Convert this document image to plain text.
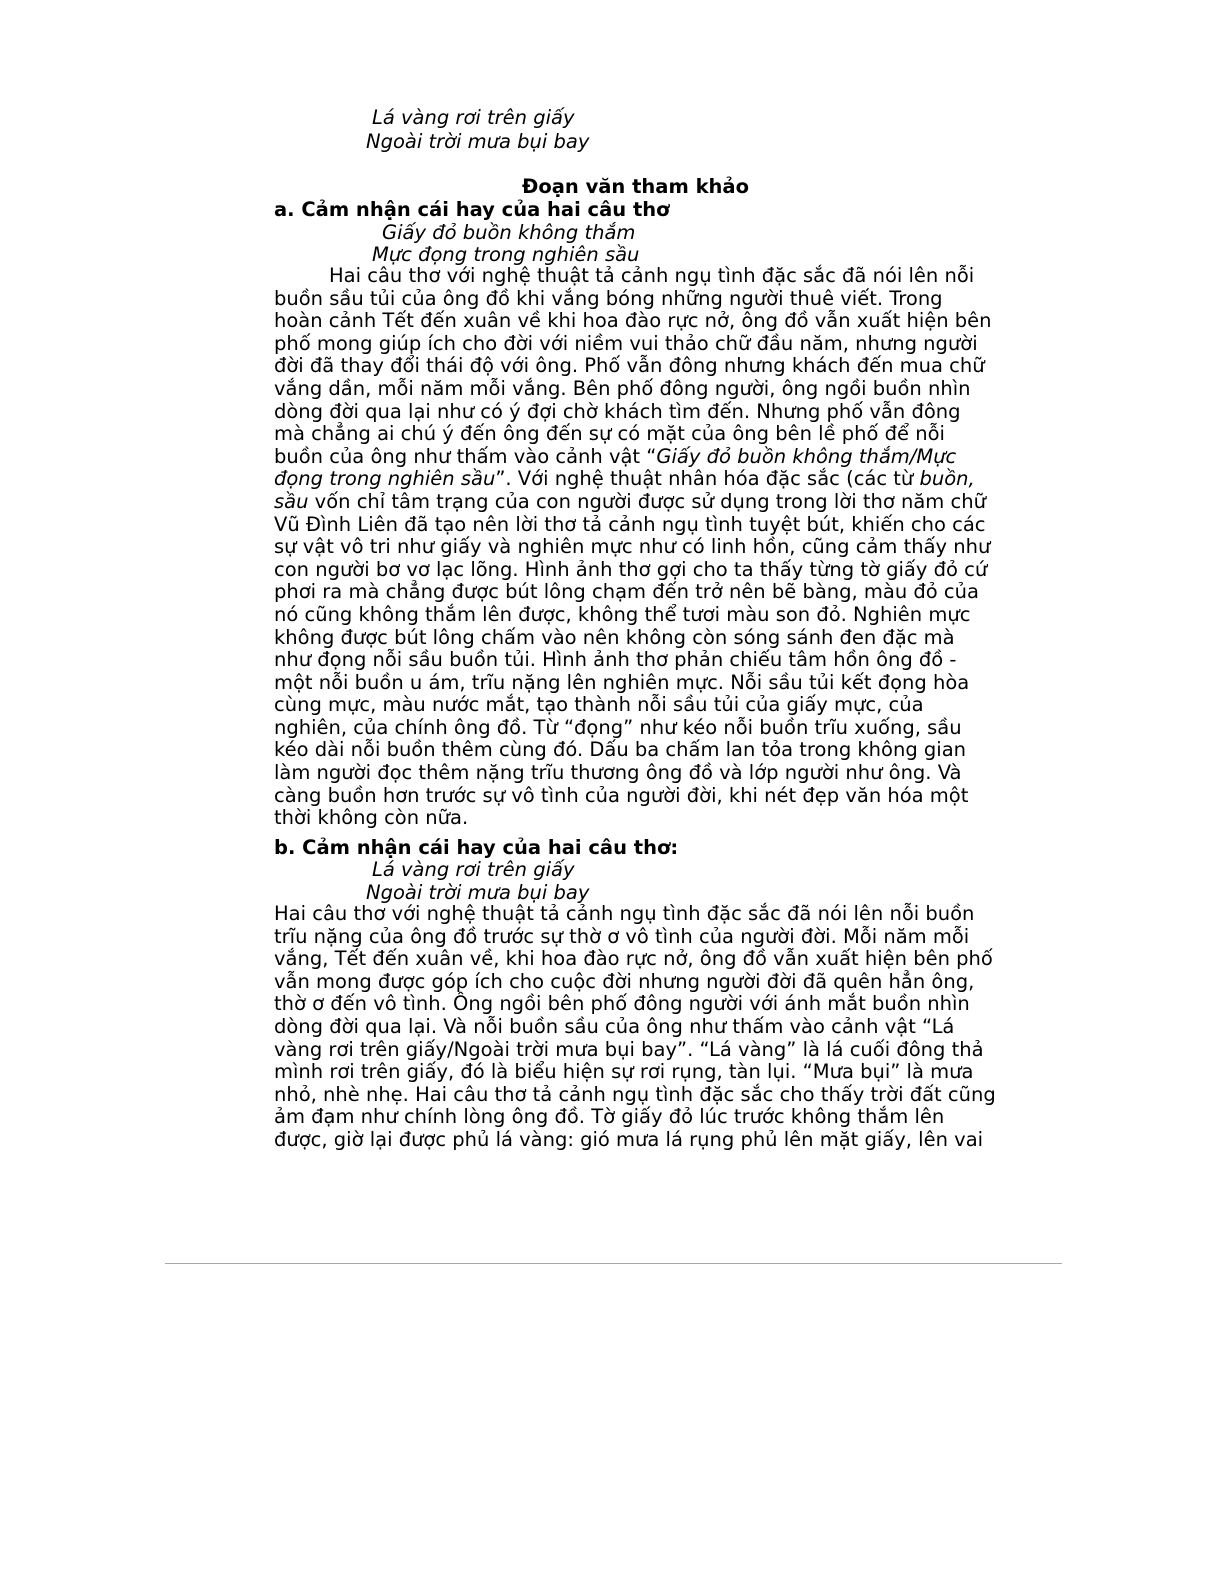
Lá vàng rơi trên giấy
Ngoài trời mưa bụi bay
Đoạn văn tham khảo
a. Cảm nhận cái hay của hai câu thơ
Giấy đỏ buồn không thắm
Mực đọng trong nghiên sầu
Hai câu thơ với nghệ thuật tả cảnh ngụ tình đặc sắc đã nói lên nỗi
buồn sầu tủi của ông đồ khi vắng bóng những người thuê viết. Trong
hoàn cảnh Tết đến xuân về khi hoa đào rực nở, ông đồ vẫn xuất hiện bên
phố mong giúp ích cho đời với niềm vui thảo chữ đầu năm, nhưng người
đời đã thay đổi thái độ với ông. Phố vẫn đông nhưng khách đến mua chữ
vắng dần, mỗi năm mỗi vắng. Bên phố đông người, ông ngồi buồn nhìn
dòng đời qua lại như có ý đợi chờ khách tìm đến. Nhưng phố vẫn đông
mà chẳng ai chú ý đến ông đến sự có mặt của ông bên lề phố để nỗi
buồn của ông như thấm vào cảnh vật “Giấy đỏ buồn không thắm/Mực
đọng trong nghiên sầu”. Với nghệ thuật nhân hóa đặc sắc (các từ buồn,
sầu vốn chỉ tâm trạng của con người được sử dụng trong lời thơ năm chữ
Vũ Đình Liên đã tạo nên lời thơ tả cảnh ngụ tình tuyệt bút, khiến cho các
sự vật vô tri như giấy và nghiên mực như có linh hồn, cũng cảm thấy như
con người bơ vơ lạc lõng. Hình ảnh thơ gợi cho ta thấy từng tờ giấy đỏ cứ
phơi ra mà chẳng được bút lông chạm đến trở nên bẽ bàng, màu đỏ của
nó cũng không thắm lên được, không thể tươi màu son đỏ. Nghiên mực
không được bút lông chấm vào nên không còn sóng sánh đen đặc mà
như đọng nỗi sầu buồn tủi. Hình ảnh thơ phản chiếu tâm hồn ông đồ -
một nỗi buồn u ám, trĩu nặng lên nghiên mực. Nỗi sầu tủi kết đọng hòa
cùng mực, màu nước mắt, tạo thành nỗi sầu tủi của giấy mực, của
nghiên, của chính ông đồ. Từ “đọng” như kéo nỗi buồn trĩu xuống, sầu
kéo dài nỗi buồn thêm cùng đó. Dấu ba chấm lan tỏa trong không gian
làm người đọc thêm nặng trĩu thương ông đồ và lớp người như ông. Và
càng buồn hơn trước sự vô tình của người đời, khi nét đẹp văn hóa một
thời không còn nữa.
b. Cảm nhận cái hay của hai câu thơ:
Lá vàng rơi trên giấy
Ngoài trời mưa bụi bay
Hai câu thơ với nghệ thuật tả cảnh ngụ tình đặc sắc đã nói lên nỗi buồn
trĩu nặng của ông đồ trước sự thờ ơ vô tình của người đời. Mỗi năm mỗi
vắng, Tết đến xuân về, khi hoa đào rực nở, ông đồ vẫn xuất hiện bên phố
vẫn mong được góp ích cho cuộc đời nhưng người đời đã quên hẳn ông,
thờ ơ đến vô tình. Ông ngồi bên phố đông người với ánh mắt buồn nhìn
dòng đời qua lại. Và nỗi buồn sầu của ông như thấm vào cảnh vật “Lá
vàng rơi trên giấy/Ngoài trời mưa bụi bay”. “Lá vàng” là lá cuối đông thả
mình rơi trên giấy, đó là biểu hiện sự rơi rụng, tàn lụi. “Mưa bụi” là mưa
nhỏ, nhè nhẹ. Hai câu thơ tả cảnh ngụ tình đặc sắc cho thấy trời đất cũng
ảm đạm như chính lòng ông đồ. Tờ giấy đỏ lúc trước không thắm lên
được, giờ lại được phủ lá vàng: gió mưa lá rụng phủ lên mặt giấy, lên vai
